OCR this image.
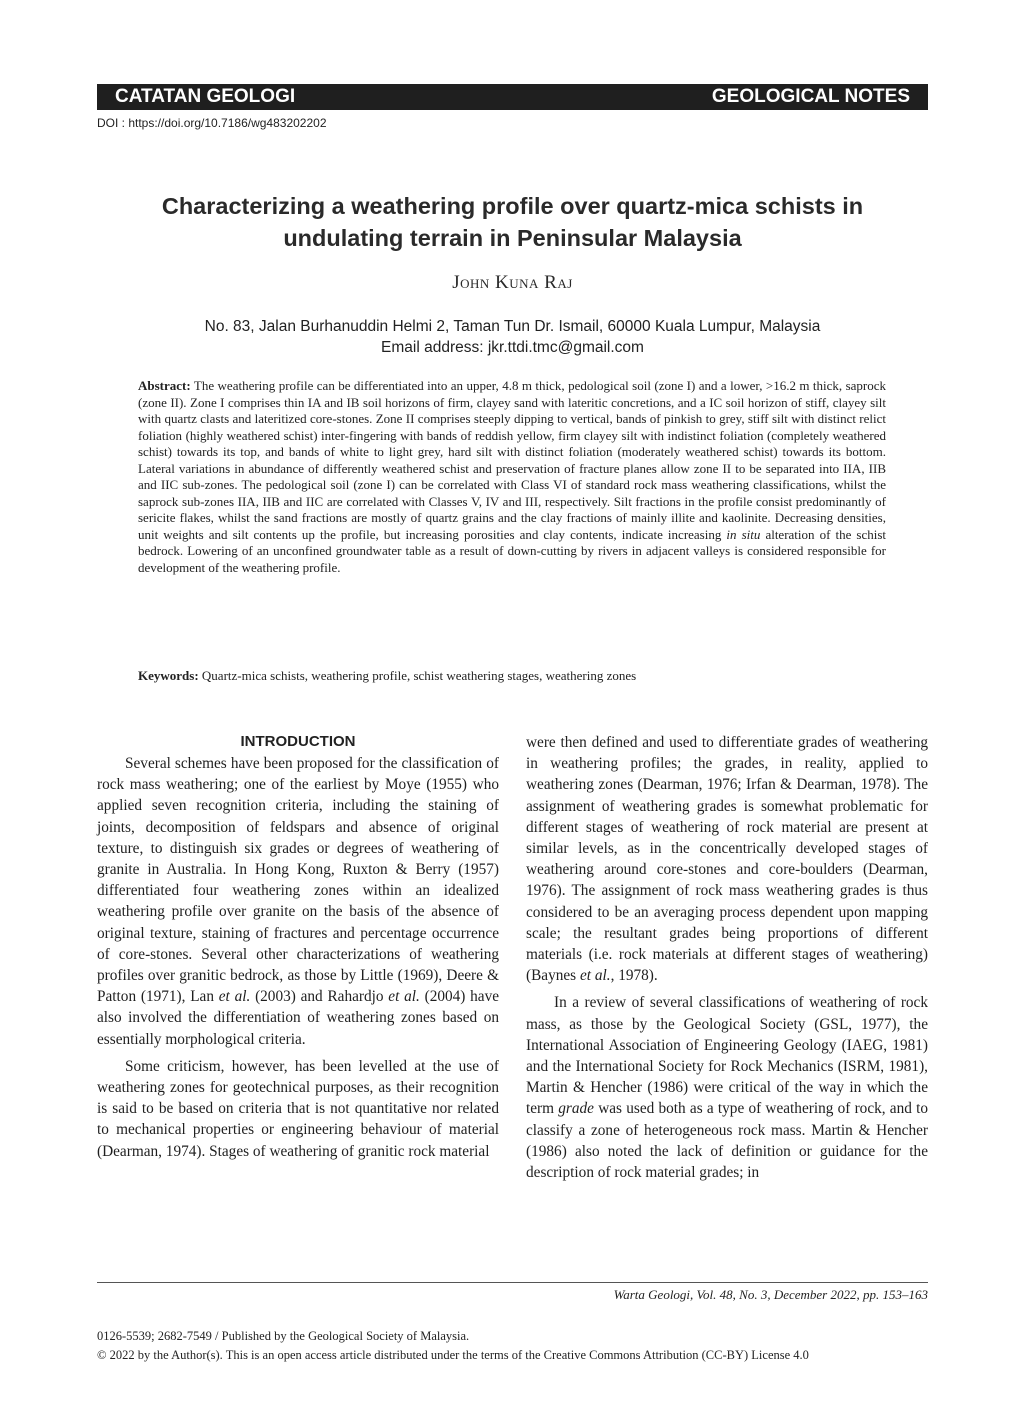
CATATAN GEOLOGI	GEOLOGICAL NOTES
DOI : https://doi.org/10.7186/wg483202202
Characterizing a weathering profile over quartz-mica schists in
undulating terrain in Peninsular Malaysia
John Kuna Raj
No. 83, Jalan Burhanuddin Helmi 2, Taman Tun Dr. Ismail, 60000 Kuala Lumpur, Malaysia
Email address: jkr.ttdi.tmc@gmail.com
Abstract: The weathering profile can be differentiated into an upper, 4.8 m thick, pedological soil (zone I) and a lower, >16.2 m thick, saprock (zone II). Zone I comprises thin IA and IB soil horizons of firm, clayey sand with lateritic concretions, and a IC soil horizon of stiff, clayey silt with quartz clasts and lateritized core-stones. Zone II comprises steeply dipping to vertical, bands of pinkish to grey, stiff silt with distinct relict foliation (highly weathered schist) inter-fingering with bands of reddish yellow, firm clayey silt with indistinct foliation (completely weathered schist) towards its top, and bands of white to light grey, hard silt with distinct foliation (moderately weathered schist) towards its bottom. Lateral variations in abundance of differently weathered schist and preservation of fracture planes allow zone II to be separated into IIA, IIB and IIC sub-zones. The pedological soil (zone I) can be correlated with Class VI of standard rock mass weathering classifications, whilst the saprock sub-zones IIA, IIB and IIC are correlated with Classes V, IV and III, respectively. Silt fractions in the profile consist predominantly of sericite flakes, whilst the sand fractions are mostly of quartz grains and the clay fractions of mainly illite and kaolinite. Decreasing densities, unit weights and silt contents up the profile, but increasing porosities and clay contents, indicate increasing in situ alteration of the schist bedrock. Lowering of an unconfined groundwater table as a result of down-cutting by rivers in adjacent valleys is considered responsible for development of the weathering profile.
Keywords: Quartz-mica schists, weathering profile, schist weathering stages, weathering zones
INTRODUCTION

Several schemes have been proposed for the classification of rock mass weathering; one of the earliest by Moye (1955) who applied seven recognition criteria, including the staining of joints, decomposition of feldspars and absence of original texture, to distinguish six grades or degrees of weathering of granite in Australia. In Hong Kong, Ruxton & Berry (1957) differentiated four weathering zones within an idealized weathering profile over granite on the basis of the absence of original texture, staining of fractures and percentage occurrence of core-stones. Several other characterizations of weathering profiles over granitic bedrock, as those by Little (1969), Deere & Patton (1971), Lan et al. (2003) and Rahardjo et al. (2004) have also involved the differentiation of weathering zones based on essentially morphological criteria.

Some criticism, however, has been levelled at the use of weathering zones for geotechnical purposes, as their recognition is said to be based on criteria that is not quantitative nor related to mechanical properties or engineering behaviour of material (Dearman, 1974). Stages of weathering of granitic rock material

were then defined and used to differentiate grades of weathering in weathering profiles; the grades, in reality, applied to weathering zones (Dearman, 1976; Irfan & Dearman, 1978). The assignment of weathering grades is somewhat problematic for different stages of weathering of rock material are present at similar levels, as in the concentrically developed stages of weathering around core-stones and core-boulders (Dearman, 1976). The assignment of rock mass weathering grades is thus considered to be an averaging process dependent upon mapping scale; the resultant grades being proportions of different materials (i.e. rock materials at different stages of weathering) (Baynes et al., 1978).

In a review of several classifications of weathering of rock mass, as those by the Geological Society (GSL, 1977), the International Association of Engineering Geology (IAEG, 1981) and the International Society for Rock Mechanics (ISRM, 1981), Martin & Hencher (1986) were critical of the way in which the term grade was used both as a type of weathering of rock, and to classify a zone of heterogeneous rock mass. Martin & Hencher (1986) also noted the lack of definition or guidance for the description of rock material grades; in

Warta Geologi, Vol. 48, No. 3, December 2022, pp. 153–163
0126-5539; 2682-7549 / Published by the Geological Society of Malaysia.
© 2022 by the Author(s). This is an open access article distributed under the terms of the Creative Commons Attribution (CC-BY) License 4.0
